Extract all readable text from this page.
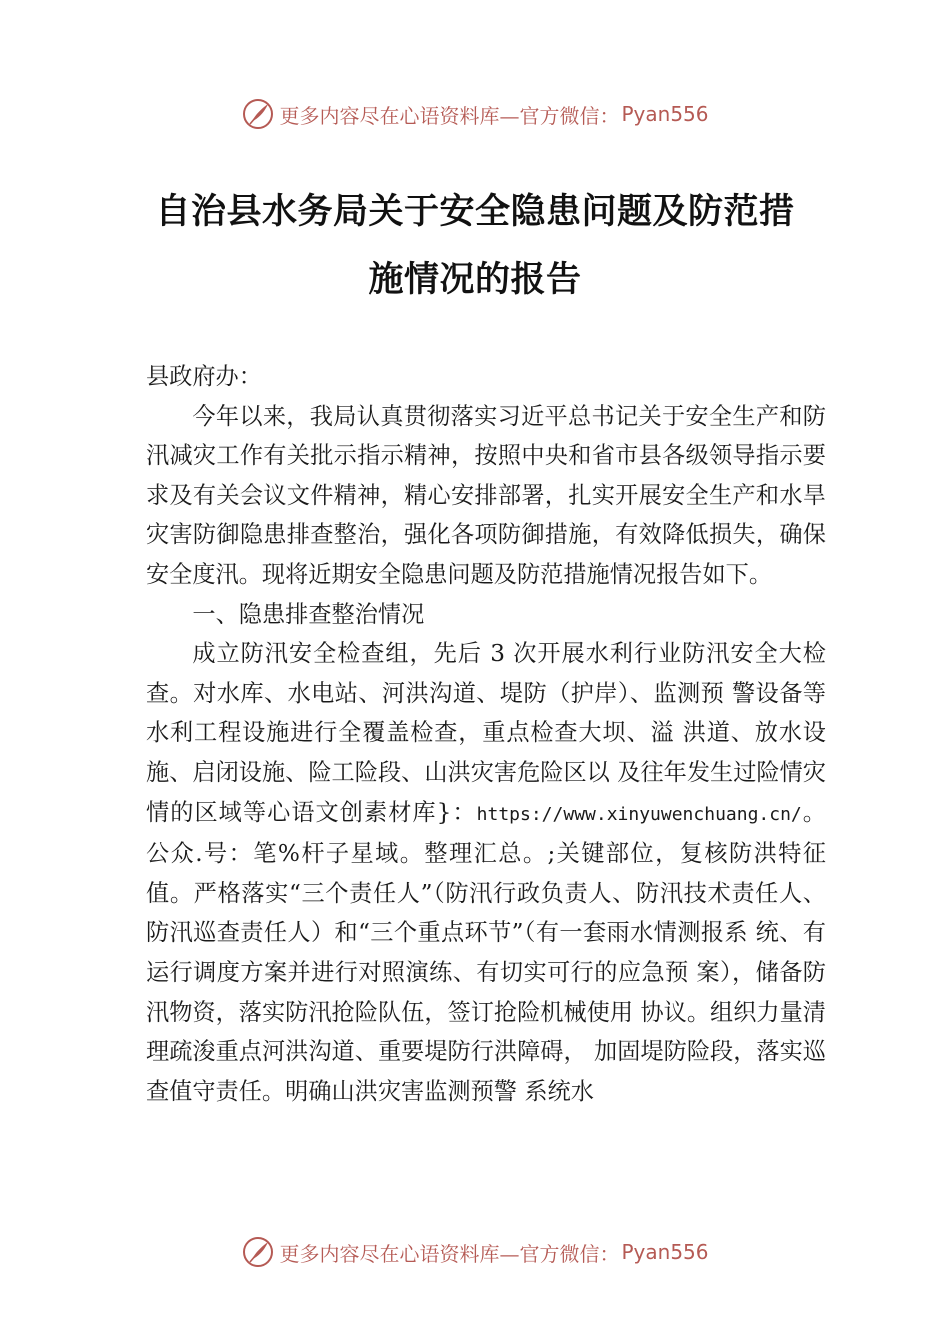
更多内容尽在心语资料库—官方微信： Pyan556
自治县水务局关于安全隐患问题及防范措
施情况的报告

县政府办：

今年以来，我局认真贯彻落实习近平总书记关于安全生产和防汛减灾工作有关批示指示精神，按照中央和省市县各级领导指示要求及有关会议文件精神，精心安排部署，扎实开展安全生产和水旱灾害防御隐患排查整治，强化各项防御措施，有效降低损失，确保安全度汛。现将近期安全隐患问题及防范措施情况报告如下。

一、隐患排查整治情况

成立防汛安全检查组，先后 3 次开展水利行业防汛安全大检查。对水库、水电站、河洪沟道、堤防（护岸）、监测预 警设备等水利工程设施进行全覆盖检查，重点检查大坝、溢 洪道、放水设施、启闭设施、险工险段、山洪灾害危险区以 及往年发生过险情灾情的区域等心语文创素材库}：https://www.xinyuwenchuang.cn/。公众.号：笔%杆子星域。整理汇总。;关键部位，复核防洪特征值。严格落实“三个责任人”（防汛行政负责人、防汛技术责任人、防汛巡查责任人）和“三个重点环节”（有一套雨水情测报系 统、有运行调度方案并进行对照演练、有切实可行的应急预 案），储备防汛物资，落实防汛抢险队伍，签订抢险机械使用 协议。组织力量清理疏浚重点河洪沟道、重要堤防行洪障碍， 加固堤防险段，落实巡查值守责任。明确山洪灾害监测预警 系统水

更多内容尽在心语资料库—官方微信： Pyan556
